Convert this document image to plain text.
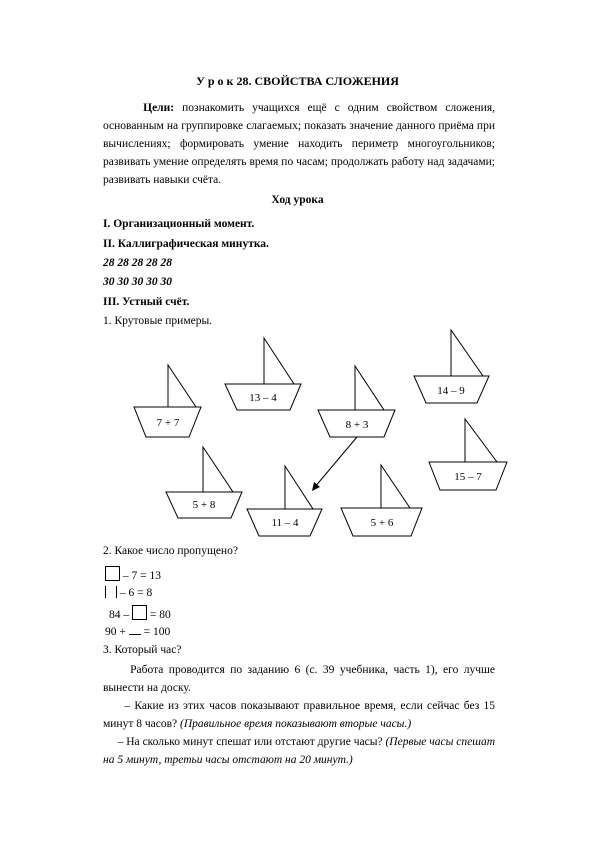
У р о к 28. СВОЙСТВА СЛОЖЕНИЯ
Цели: познакомить учащихся ещё с одним свойством сложения, основанным на группировке слагаемых; показать значение данного приёма при вычислениях; формировать умение находить периметр многоугольников; развивать умение определять время по часам; продолжать работу над задачами; развивать навыки счёта.
Ход урока
I. Организационный момент.
II. Каллиграфическая минутка.
28 28 28 28 28
30 30 30 30 30
III. Устный счёт.
1. Крутовые примеры.
7 + 7
13 – 4
8 + 3
14 – 9
15 – 7
5 + 8
11 – 4	5 + 6
2. Какое число пропущено?
– 7 = 13
– 6 = 8
84 –  = 80
90 +  = 100
3. Который час?
Работа проводится по заданию 6 (с. 39 учебника, часть 1), его лучше вынести на доску.
– Какие из этих часов показывают правильное время, если сейчас без 15 минут 8 часов? (Правильное время показывают вторые часы.)
– На сколько минут спешат или отстают другие часы? (Первые часы спешат на 5 минут, третьи часы отстают на 20 минут.)
